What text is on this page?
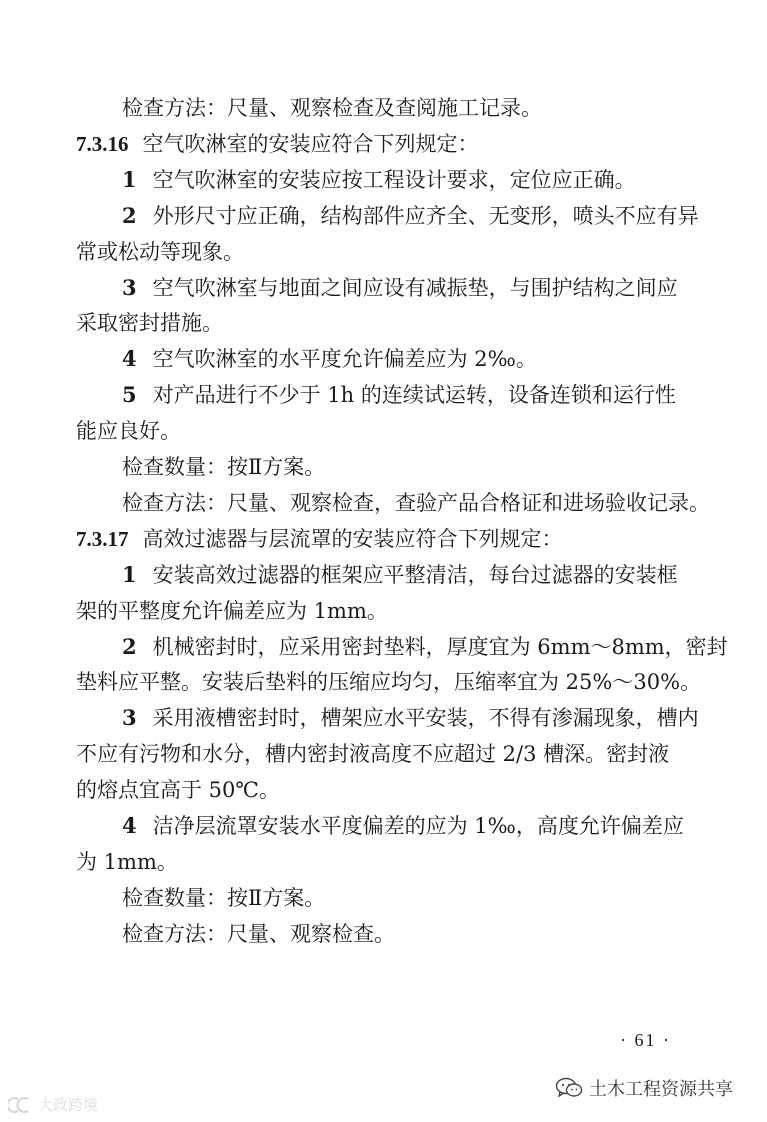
检查方法：尺量、观察检查及查阅施工记录。
7.3.16 空气吹淋室的安装应符合下列规定：
1 空气吹淋室的安装应按工程设计要求，定位应正确。
2 外形尺寸应正确，结构部件应齐全、无变形，喷头不应有异
常或松动等现象。
3 空气吹淋室与地面之间应设有减振垫，与围护结构之间应
采取密封措施。
4 空气吹淋室的水平度允许偏差应为 2‰。
5 对产品进行不少于 1h 的连续试运转，设备连锁和运行性
能应良好。
检查数量：按Ⅱ方案。
检查方法：尺量、观察检查，查验产品合格证和进场验收记录。
7.3.17 高效过滤器与层流罩的安装应符合下列规定：
1 安装高效过滤器的框架应平整清洁，每台过滤器的安装框
架的平整度允许偏差应为 1mm。
2 机械密封时，应采用密封垫料，厚度宜为 6mm～8mm，密封
垫料应平整。安装后垫料的压缩应均匀，压缩率宜为 25%～30%。
3 采用液槽密封时，槽架应水平安装，不得有渗漏现象，槽内
不应有污物和水分，槽内密封液高度不应超过 2/3 槽深。密封液
的熔点宜高于 50℃。
4 洁净层流罩安装水平度偏差的应为 1‰，高度允许偏差应
为 1mm。
检查数量：按Ⅱ方案。
检查方法：尺量、观察检查。
· 61 ·
土木工程资源共享
大政跨境
